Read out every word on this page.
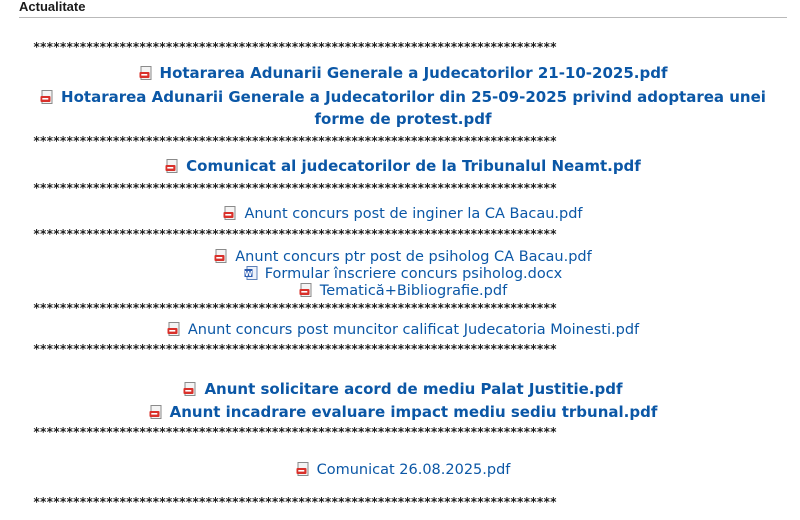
Actualitate
*******************************************************************************
Hotararea Adunarii Generale a Judecatorilor 21-10-2025.pdf
Hotararea Adunarii Generale a Judecatorilor din 25-09-2025 privind adoptarea unei forme de protest.pdf
*******************************************************************************
Comunicat al judecatorilor de la Tribunalul Neamt.pdf
*******************************************************************************
Anunt concurs post de inginer la CA Bacau.pdf
*******************************************************************************
Anunt concurs ptr post de psiholog CA Bacau.pdf
W Formular înscriere concurs psiholog.docx
Tematică+Bibliografie.pdf
*******************************************************************************
Anunt concurs post muncitor calificat Judecatoria Moinesti.pdf
*******************************************************************************
Anunt solicitare acord de mediu Palat Justitie.pdf
Anunt incadrare evaluare impact mediu sediu trbunal.pdf
*******************************************************************************
Comunicat 26.08.2025.pdf
*******************************************************************************
